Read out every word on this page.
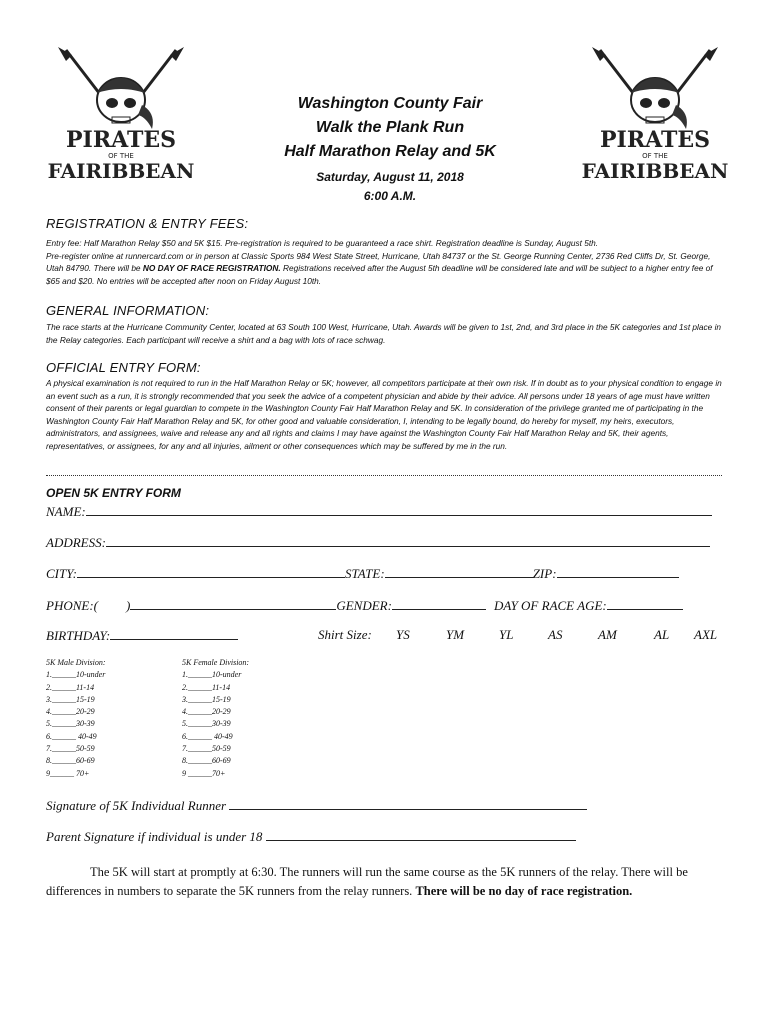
PIRATES
OF THE
FAIRIBBEAN
PIRATES
OF THE
FAIRIBBEAN
Washington County Fair
Walk the Plank Run
Half Marathon Relay and 5K
Saturday, August 11, 2018
6:00 A.M.
REGISTRATION & ENTRY FEES:
Entry fee: Half Marathon Relay $50 and 5K $15. Pre-registration is required to be guaranteed a race shirt. Registration deadline is Sunday, August 5th.
Pre-register online at runnercard.com or in person at Classic Sports 984 West State Street, Hurricane, Utah 84737 or the St. George Running Center, 2736 Red Cliffs Dr, St. George, Utah 84790. There will be NO DAY OF RACE REGISTRATION. Registrations received after the August 5th deadline will be considered late and will be subject to a higher entry fee of $65 and $20. No entries will be accepted after noon on Friday August 10th.
GENERAL INFORMATION:
The race starts at the Hurricane Community Center, located at 63 South 100 West, Hurricane, Utah. Awards will be given to 1st, 2nd, and 3rd place in the 5K categories and 1st place in the Relay categories. Each participant will receive a shirt and a bag with lots of race schwag.
OFFICIAL ENTRY FORM:
A physical examination is not required to run in the Half Marathon Relay or 5K; however, all competitors participate at their own risk. If in doubt as to your physical condition to engage in an event such as a run, it is strongly recommended that you seek the advice of a competent physician and abide by their advice. All persons under 18 years of age must have written consent of their parents or legal guardian to compete in the Washington County Fair Half Marathon Relay and 5K. In consideration of the privilege granted me of participating in the Washington County Fair Half Marathon Relay and 5K, for other good and valuable consideration, I, intending to be legally bound, do hereby for myself, my heirs, executors, administrators, and assignees, waive and release any and all rights and claims I may have against the Washington County Fair Half Marathon Relay and 5K, their agents, representatives, or assignees, for any and all injuries, ailment or other consequences which may be suffered by me in the run.
OPEN 5K ENTRY FORM
NAME:
ADDRESS:
CITY:	STATE:	ZIP:
PHONE:( )	GENDER:	DAY OF RACE AGE:
BIRTHDAY:	Shirt Size: YS	YM	YL	AS	AM	AL AXL
5K Male Division:
1.______10-under
2.______11-14
3.______15-19
4.______20-29
5.______30-39
6.______ 40-49
7.______50-59
8.______60-69
9______ 70+
5K Female Division:
1.______10-under
2.______11-14
3.______15-19
4.______20-29
5.______30-39
6.______ 40-49
7.______50-59
8.______60-69
9 ______70+
Signature of 5K Individual Runner
Parent Signature if individual is under 18
The 5K will start at promptly at 6:30. The runners will run the same course as the 5K runners of the relay. There will be differences in numbers to separate the 5K runners from the relay runners. There will be no day of race registration.
